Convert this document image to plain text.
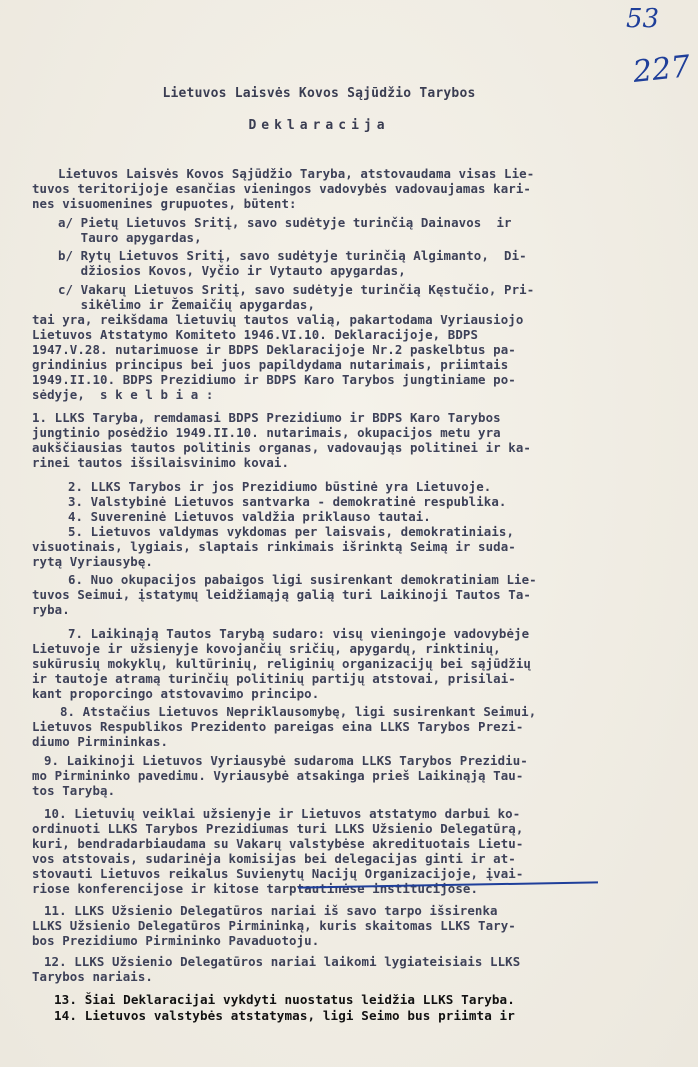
53
227
Lietuvos Laisvės Kovos Sąjūdžio Tarybos
Deklaracija
Lietuvos Laisvės Kovos Sąjūdžio Taryba, atstovaudama visas Lie-
tuvos teritorijoje esančias vieningos vadovybės vadovaujamas kari-
nes visuomenines grupuotes, būtent:
a/ Pietų Lietuvos Sritį, savo sudėtyje turinčią Dainavos  ir
Tauro apygardas,
b/ Rytų Lietuvos Sritį, savo sudėtyje turinčią Algimanto,  Di-
džiosios Kovos, Vyčio ir Vytauto apygardas,
c/ Vakarų Lietuvos Sritį, savo sudėtyje turinčią Kęstučio, Pri-
sikėlimo ir Žemaičių apygardas,
tai yra, reikšdama lietuvių tautos valią, pakartodama Vyriausiojo
Lietuvos Atstatymo Komiteto 1946.VI.10. Deklaracijoje, BDPS
1947.V.28. nutarimuose ir BDPS Deklaracijoje Nr.2 paskelbtus pa-
grindinius principus bei juos papildydama nutarimais, priimtais
1949.II.10. BDPS Prezidiumo ir BDPS Karo Tarybos jungtiniame po-
sėdyje,  s k e l b i a :
1. LLKS Taryba, remdamasi BDPS Prezidiumo ir BDPS Karo Tarybos
jungtinio posėdžio 1949.II.10. nutarimais, okupacijos metu yra
aukščiausias tautos politinis organas, vadovaująs politinei ir ka-
rinei tautos išsilaisvinimo kovai.
2. LLKS Tarybos ir jos Prezidiumo būstinė yra Lietuvoje.
3. Valstybinė Lietuvos santvarka - demokratinė respublika.
4. Suvereninė Lietuvos valdžia priklauso tautai.
5. Lietuvos valdymas vykdomas per laisvais, demokratiniais,
visuotinais, lygiais, slaptais rinkimais išrinktą Seimą ir suda-
rytą Vyriausybę.
6. Nuo okupacijos pabaigos ligi susirenkant demokratiniam Lie-
tuvos Seimui, įstatymų leidžiamąją galią turi Laikinoji Tautos Ta-
ryba.
7. Laikinąją Tautos Tarybą sudaro: visų vieningoje vadovybėje
Lietuvoje ir užsienyje kovojančių sričių, apygardų, rinktinių,
sukūrusių mokyklų, kultūrinių, religinių organizacijų bei sąjūdžių
ir tautoje atramą turinčių politinių partijų atstovai, prisilai-
kant proporcingo atstovavimo principo.
8. Atstačius Lietuvos Nepriklausomybę, ligi susirenkant Seimui,
Lietuvos Respublikos Prezidento pareigas eina LLKS Tarybos Prezi-
diumo Pirmininkas.
9. Laikinoji Lietuvos Vyriausybė sudaroma LLKS Tarybos Prezidiu-
mo Pirmininko pavedimu. Vyriausybė atsakinga prieš Laikinąją Tau-
tos Tarybą.
10. Lietuvių veiklai užsienyje ir Lietuvos atstatymo darbui ko-
ordinuoti LLKS Tarybos Prezidiumas turi LLKS Užsienio Delegatūrą,
kuri, bendradarbiaudama su Vakarų valstybėse akredituotais Lietu-
vos atstovais, sudarinėja komisijas bei delegacijas ginti ir at-
stovauti Lietuvos reikalus Suvienytų Nacijų Organizacijoje, įvai-
riose konferencijose ir kitose tarptautinėse institucijose.
11. LLKS Užsienio Delegatūros nariai iš savo tarpo išsirenka
LLKS Užsienio Delegatūros Pirmininką, kuris skaitomas LLKS Tary-
bos Prezidiumo Pirmininko Pavaduotoju.
12. LLKS Užsienio Delegatūros nariai laikomi lygiateisiais LLKS
Tarybos nariais.
13. Šiai Deklaracijai vykdyti nuostatus leidžia LLKS Taryba.
14. Lietuvos valstybės atstatymas, ligi Seimo bus priimta ir
